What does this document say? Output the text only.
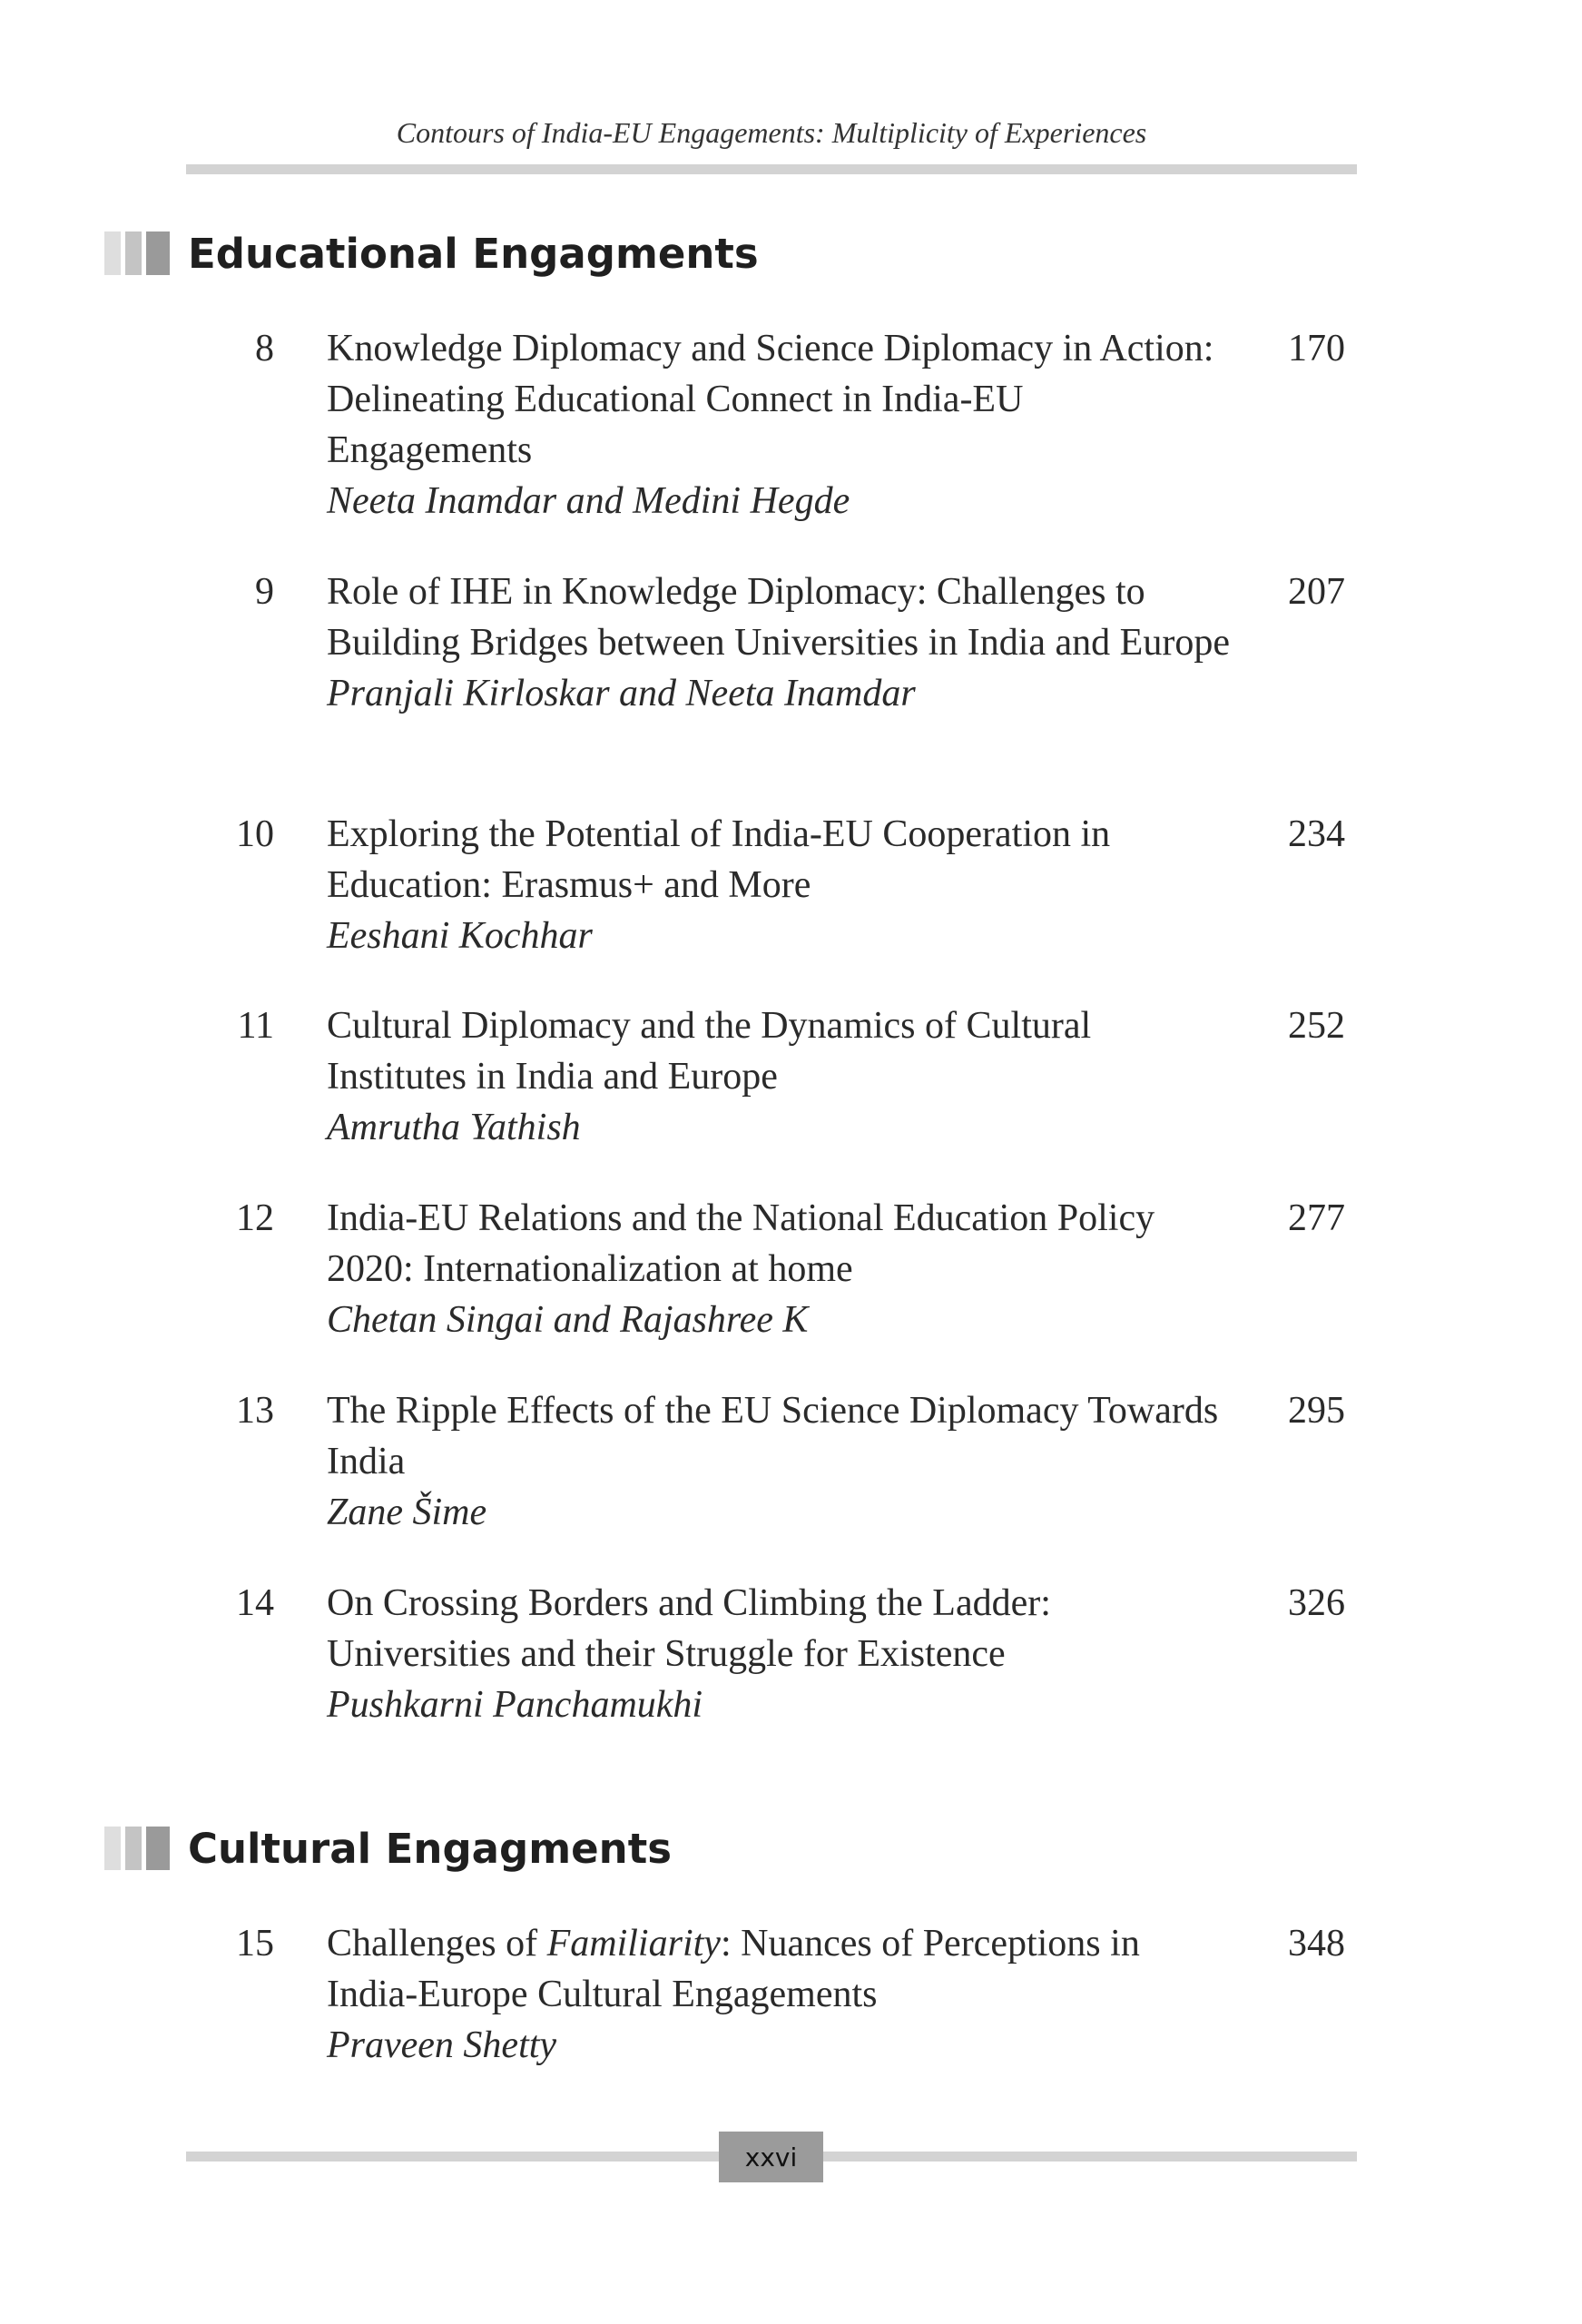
Contours of India-EU Engagements: Multiplicity of Experiences
Educational Engagments
8 Knowledge Diplomacy and Science Diplomacy in Action: Delineating Educational Connect in India-EU Engagements
Neeta Inamdar and Medini Hegde
170
9 Role of IHE in Knowledge Diplomacy: Challenges to Building Bridges between Universities in India and Europe
Pranjali Kirloskar and Neeta Inamdar
207
10 Exploring the Potential of India-EU Cooperation in Education: Erasmus+ and More
Eeshani Kochhar
234
11 Cultural Diplomacy and the Dynamics of Cultural Institutes in India and Europe
Amrutha Yathish
252
12 India-EU Relations and the National Education Policy 2020: Internationalization at home
Chetan Singai and Rajashree K
277
13 The Ripple Effects of the EU Science Diplomacy Towards India
Zane Šime
295
14 On Crossing Borders and Climbing the Ladder: Universities and their Struggle for Existence
Pushkarni Panchamukhi
326
Cultural Engagments
15 Challenges of Familiarity: Nuances of Perceptions in India-Europe Cultural Engagements
Praveen Shetty
348
xxvi
